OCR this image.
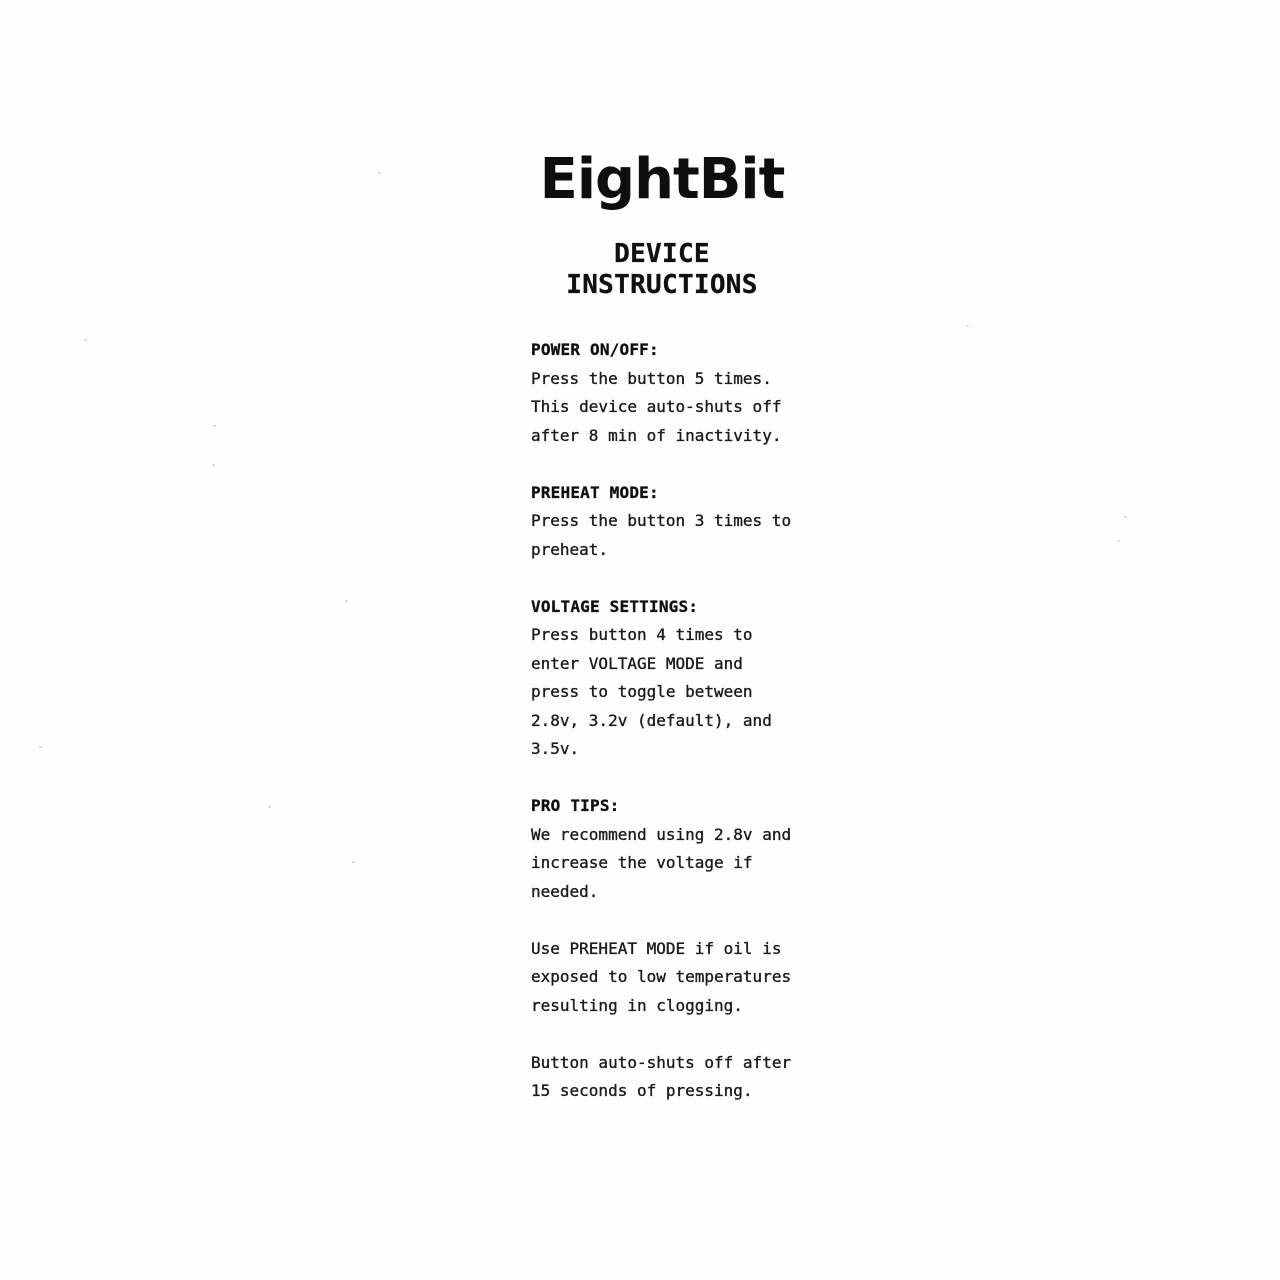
EightBit
DEVICE
INSTRUCTIONS
POWER ON/OFF:

Press the button 5 times.

This device auto-shuts off

after 8 min of inactivity.

PREHEAT MODE:

Press the button 3 times to

preheat.

VOLTAGE SETTINGS:

Press button 4 times to

enter VOLTAGE MODE and

press to toggle between

2.8v, 3.2v (default), and

3.5v.

PRO TIPS:

We recommend using 2.8v and

increase the voltage if

needed.

Use PREHEAT MODE if oil is

exposed to low temperatures

resulting in clogging.

Button auto-shuts off after

15 seconds of pressing.
